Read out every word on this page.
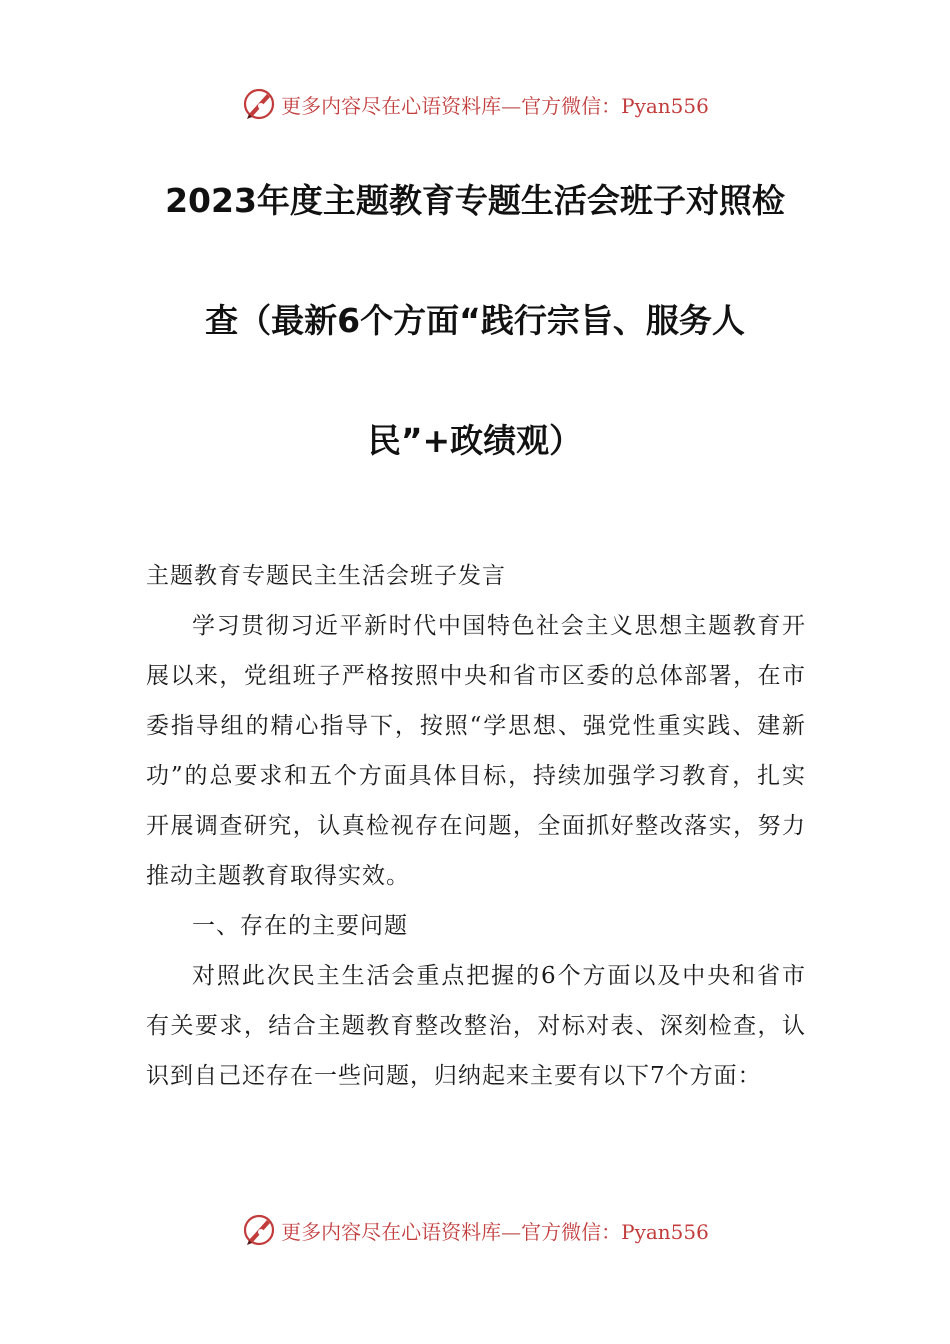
更多内容尽在心语资料库—官方微信：Pyan556
2023年度主题教育专题生活会班子对照检
查（最新6个方面“践行宗旨、服务人
民”+政绩观）

主题教育专题民主生活会班子发言

学习贯彻习近平新时代中国特色社会主义思想主题教育开展以来，党组班子严格按照中央和省市区委的总体部署，在市委指导组的精心指导下，按照“学思想、强党性重实践、建新功”的总要求和五个方面具体目标，持续加强学习教育，扎实开展调查研究，认真检视存在问题，全面抓好整改落实，努力推动主题教育取得实效。

一、存在的主要问题

对照此次民主生活会重点把握的6个方面以及中央和省市有关要求，结合主题教育整改整治，对标对表、深刻检查，认识到自己还存在一些问题，归纳起来主要有以下7个方面：

更多内容尽在心语资料库—官方微信：Pyan556
